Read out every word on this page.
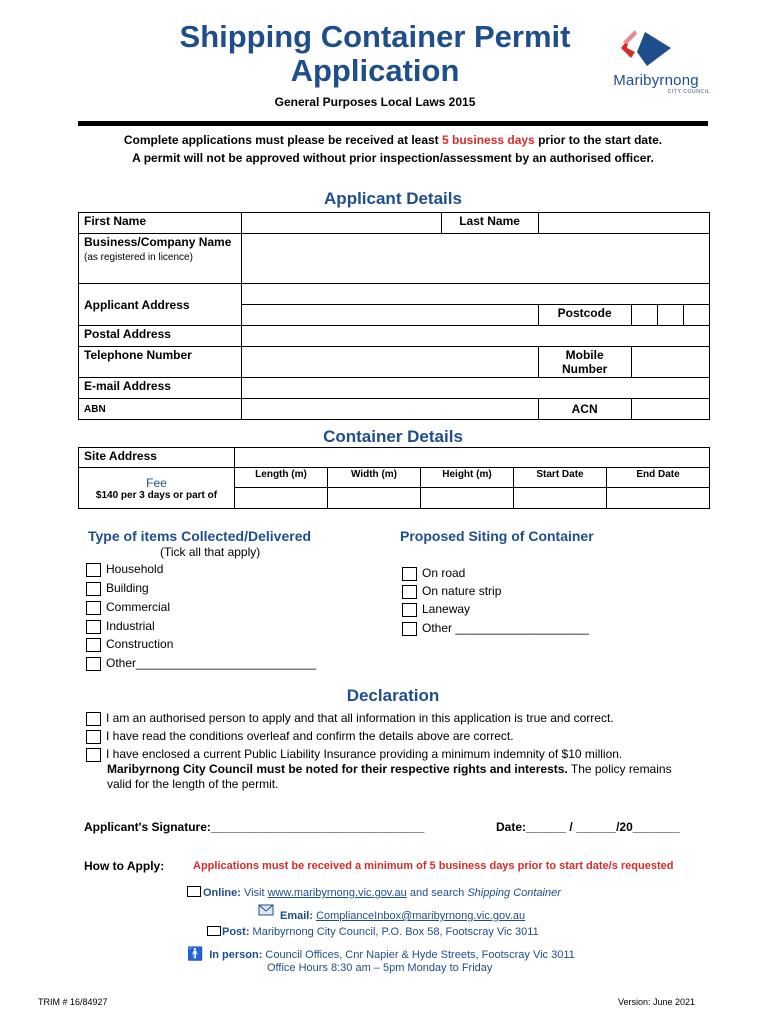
Shipping Container Permit Application
General Purposes Local Laws 2015
Maribyrnong
CITY COUNCIL
Complete applications must please be received at least 5 business days prior to the start date.
A permit will not be approved without prior inspection/assessment by an authorised officer.
Applicant Details
First Name		Last Name				
Business/Company Name (as registered in licence)						
Applicant Address						
			Postcode			
Postal Address						
Telephone Number			Mobile Number			
E-mail Address						
ABN			ACN			
Container Details
Site Address					

Fee
$140 per 3 days or part of	Length (m)	Width (m)	Height (m)	Start Date	End Date

Type of items Collected/Delivered
(Tick all that apply)
Household
Building
Commercial
Industrial
Construction
Other___________________________
Proposed Siting of Container
On road
On nature strip
Laneway
Other ____________________
Declaration
I am an authorised person to apply and that all information in this application is true and correct.
I have read the conditions overleaf and confirm the details above are correct.
I have enclosed a current Public Liability Insurance providing a minimum indemnity of $10 million.
Maribyrnong City Council must be noted for their respective rights and interests. The policy remains valid for the length of the permit.
Applicant's Signature:________________________________	Date:______ / ______/20_______
How to Apply:	Applications must be received a minimum of 5 business days prior to start date/s requested
Online: Visit www.maribyrnong.vic.gov.au and search Shipping Container
Email: ComplianceInbox@maribyrnong.vic.gov.au
Post: Maribyrnong City Council, P.O. Box 58, Footscray Vic 3011
🚹 In person: Council Offices, Cnr Napier & Hyde Streets, Footscray Vic 3011
Office Hours 8:30 am – 5pm Monday to Friday
TRIM # 16/84927	Version: June 2021
